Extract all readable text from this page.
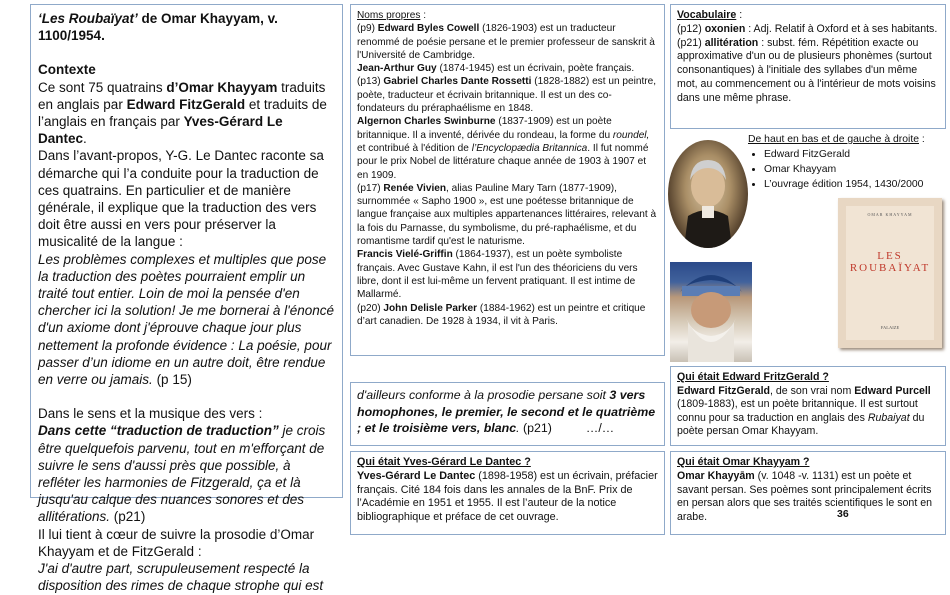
‘Les Roubaïyat’ de Omar Khayyam, v. 1100/1954.

Contexte

Ce sont 75 quatrains d’Omar Khayyam traduits en anglais par Edward FitzGerald et traduits de l’anglais en français par Yves-Gérard Le Dantec.

Dans l’avant-propos, Y-G. Le Dantec raconte sa démarche qui l’a conduite pour la traduction de ces quatrains. En particulier et de manière générale, il explique que la traduction des vers doit être aussi en vers pour préserver la musicalité de la langue :

Les problèmes complexes et multiples que pose la traduction des poètes pourraient emplir un traité tout entier. Loin de moi la pensée d'en chercher ici la solution! Je me bornerai à l'énoncé d'un axiome dont j'éprouve chaque jour plus nettement la profonde évidence : La poésie, pour passer d’un idiome en un autre doit, être rendue en verre ou jamais. (p 15)

Dans le sens et la musique des vers :

Dans cette “traduction de traduction” je crois être quelquefois parvenu, tout en m'efforçant de suivre le sens d'aussi près que possible, à refléter les harmonies de Fitzgerald, ça et là jusqu'au calque des nuances sonores et des allitérations. (p21)

Il lui tient à cœur de suivre la prosodie d’Omar Khayyam et de FitzGerald :

J'ai d'autre part, scrupuleusement respecté la disposition des rimes de chaque strophe qui est

Noms propres :

(p9) Edward Byles Cowell (1826-1903) est un traducteur renommé de poésie persane et le premier professeur de sanskrit à l'Université de Cambridge.

Jean-Arthur Guy (1874-1945) est un écrivain, poète français.

(p13) Gabriel Charles Dante Rossetti (1828-1882) est un peintre, poète, traducteur et écrivain britannique. Il est un des co-fondateurs du préraphaélisme en 1848.

Algernon Charles Swinburne (1837-1909) est un poète britannique. Il a inventé, dérivée du rondeau, la forme du roundel, et contribué à l'édition de l’Encyclopædia Britannica. Il fut nommé pour le prix Nobel de littérature chaque année de 1903 à 1907 et en 1909.

(p17) Renée Vivien, alias Pauline Mary Tarn (1877-1909), surnommée « Sapho 1900 », est une poétesse britannique de langue française aux multiples appartenances littéraires, relevant à la fois du Parnasse, du symbolisme, du pré-raphaélisme, et du romantisme tardif qu'est le naturisme.

Francis Vielé-Griffin (1864-1937), est un poète symboliste français. Avec Gustave Kahn, il est l'un des théoriciens du vers libre, dont il est lui-même un fervent pratiquant. Il est intime de Mallarmé.

(p20) John Delisle Parker (1884-1962) est un peintre et critique d’art canadien. De 1928 à 1934, il vit à Paris.

Vocabulaire :

(p12) oxonien : Adj. Relatif à Oxford et à ses habitants.

(p21) allitération : subst. fém. Répétition exacte ou approximative d'un ou de plusieurs phonèmes (surtout consonantiques) à l'initiale des syllabes d'un même mot, au commencement ou à l'intérieur de mots voisins dans une même phrase.

De haut en bas et de gauche à droite :

• Edward FitzGerald
• Omar Khayyam
• L’ouvrage édition 1954, 1430/2000
OMAR KHAYYAM
LES ROUBAÏYAT
FALAIZE

d'ailleurs conforme à la prosodie persane soit 3 vers homophones, le premier, le second et le quatrième ; et le troisième vers, blanc. (p21)	…/…

Qui était Yves-Gérard Le Dantec ?

Yves-Gérard Le Dantec (1898-1958) est un écrivain, préfacier français. Cité 184 fois dans les annales de la BnF. Prix de l’Académie en 1951 et 1955. Il est l’auteur de la notice bibliographique et préface de cet ouvrage.

Qui était Edward FritzGerald ?

Edward FitzGerald, de son vrai nom Edward Purcell (1809-1883), est un poète britannique. Il est surtout connu pour sa traduction en anglais des Rubaiyat du poète persan Omar Khayyam.

Qui était Omar Khayyam ?

Omar Khayyām (v. 1048 -v. 1131) est un poète et savant persan. Ses poèmes sont principalement écrits en persan alors que ses traités scientifiques le sont en arabe.	36
